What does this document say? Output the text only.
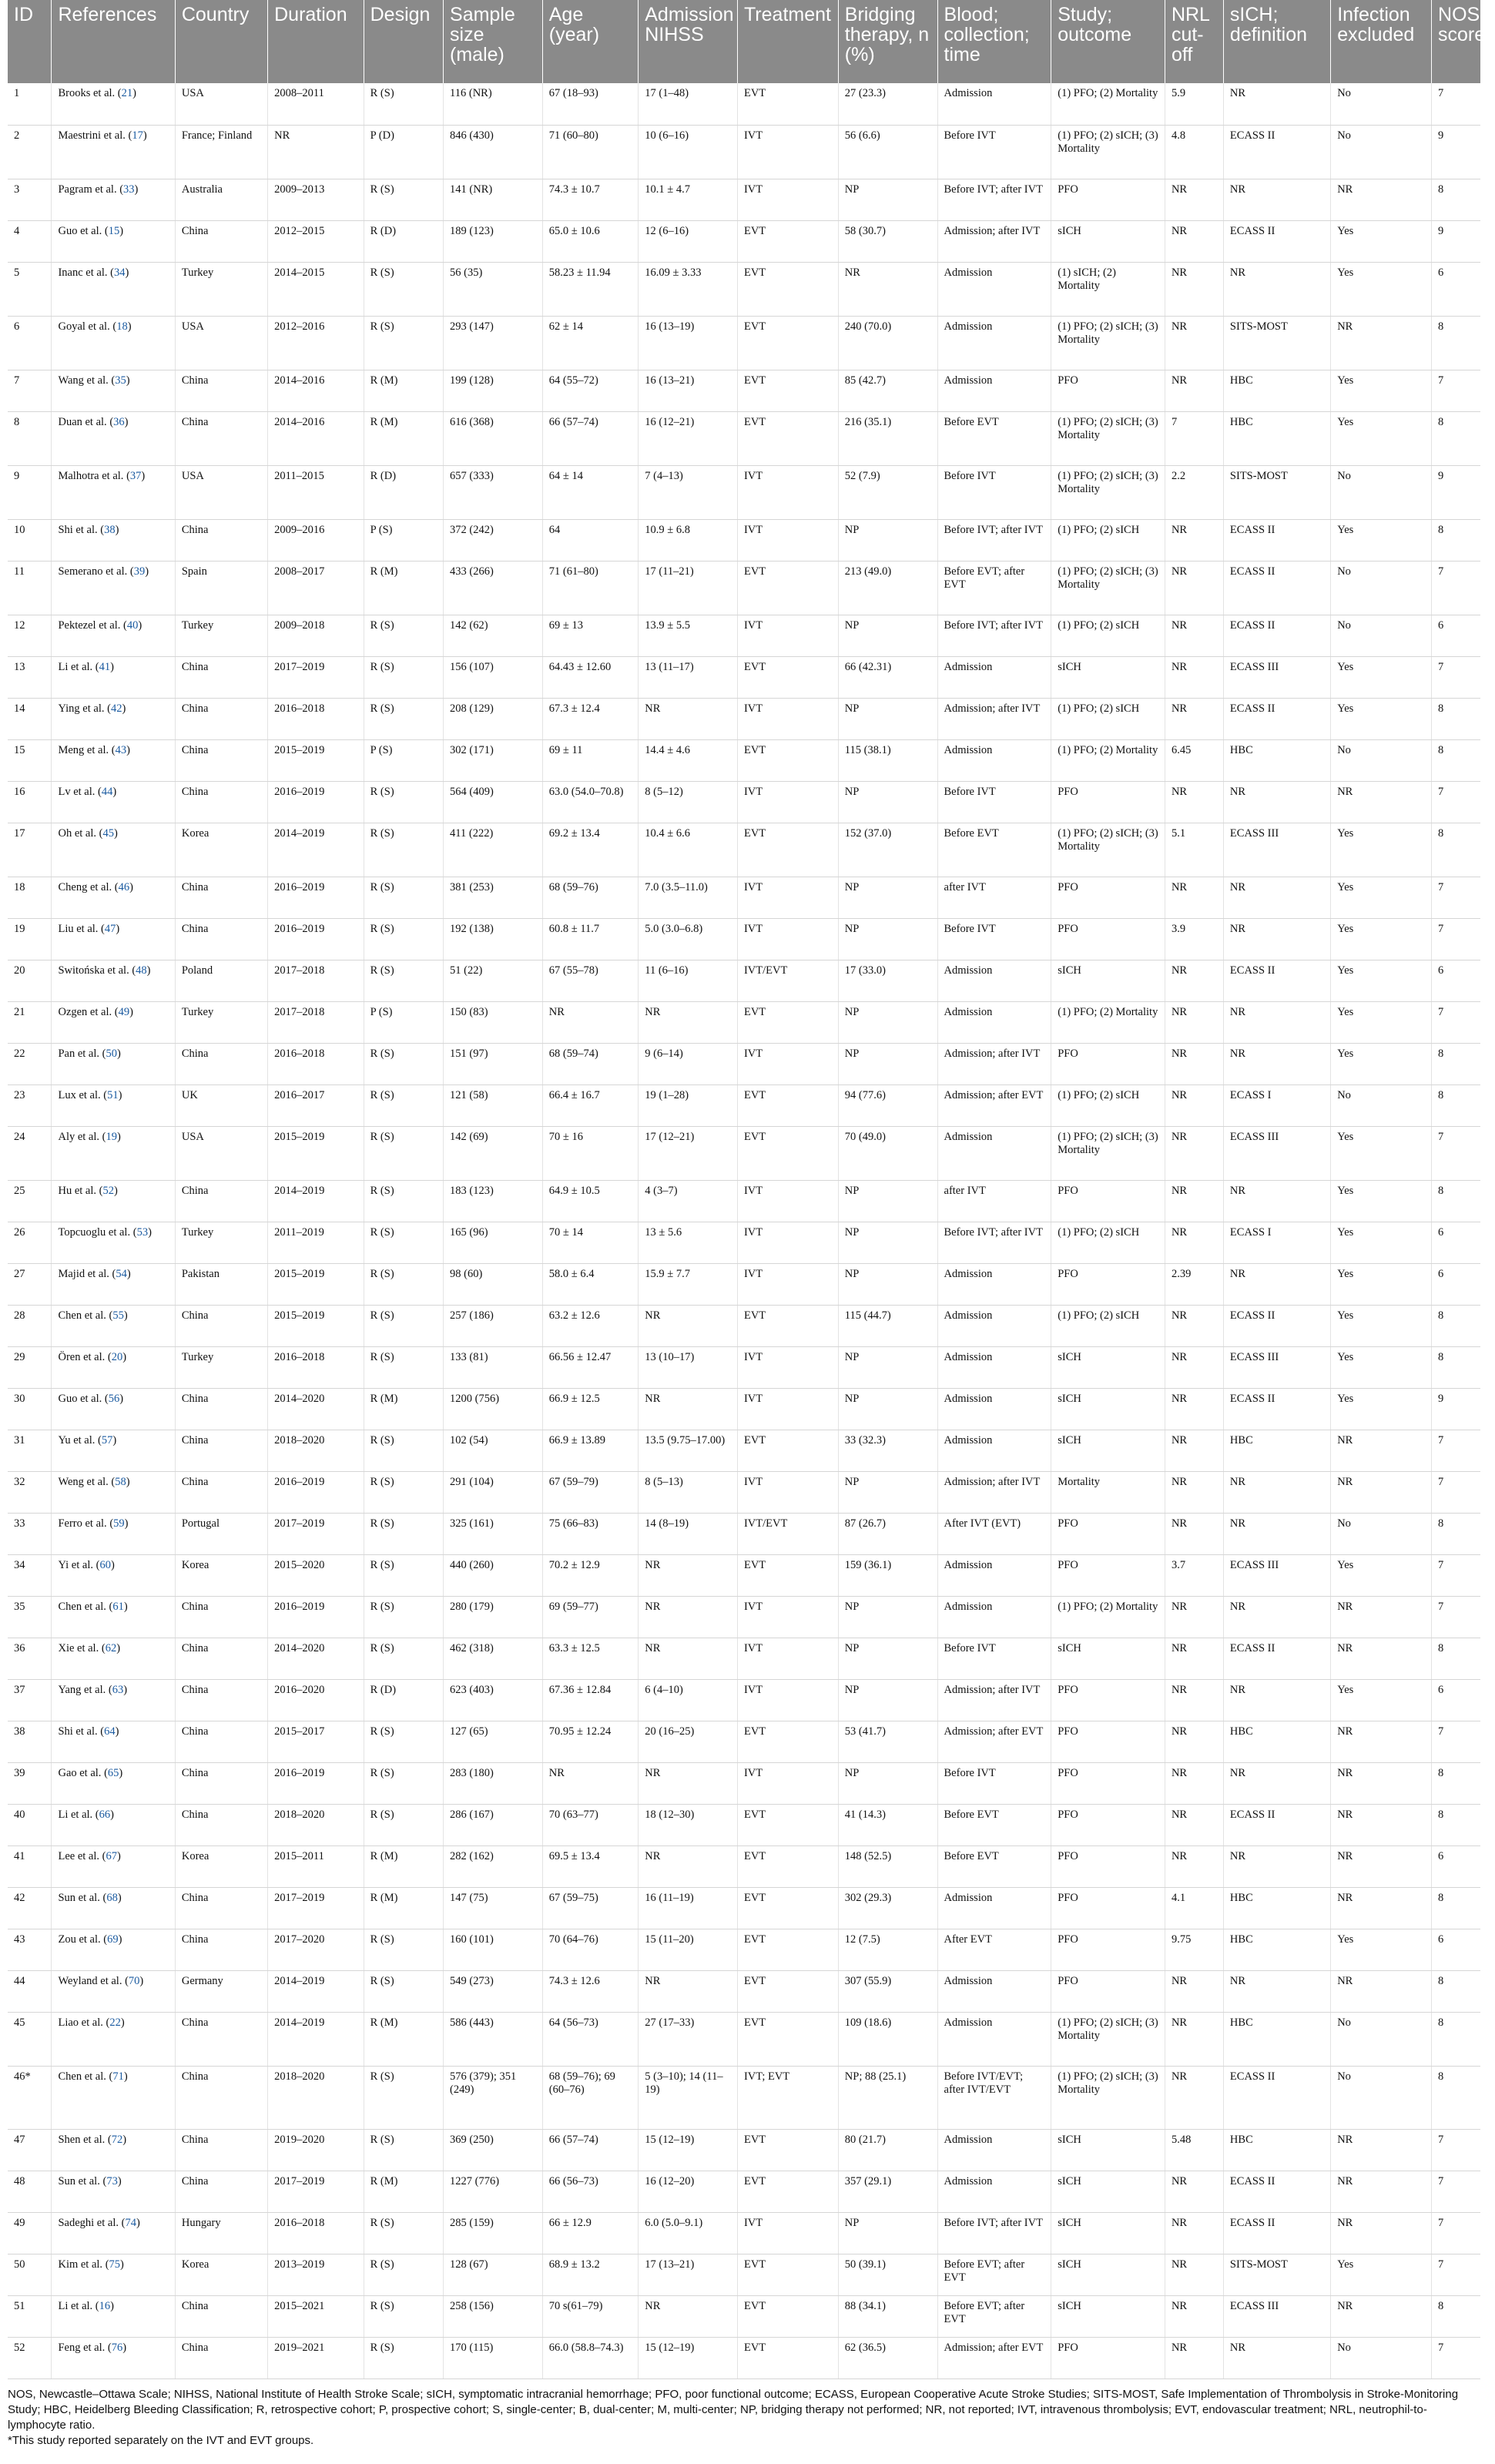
ID	References	Country	Duration	Design	Sample size (male)	Age (year)	Admission NIHSS	Treatment	Bridging therapy, n (%)	Blood; collection; time	Study; outcome	NRL cut-off	sICH; definition	Infection excluded	NOS; scores
1	Brooks et al. (21)	USA	2008–2011	R (S)	116 (NR)	67 (18–93)	17 (1–48)	EVT	27 (23.3)	Admission	(1) PFO; (2) Mortality	5.9	NR	No	7
2	Maestrini et al. (17)	France; Finland	NR	P (D)	846 (430)	71 (60–80)	10 (6–16)	IVT	56 (6.6)	Before IVT	(1) PFO; (2) sICH; (3) Mortality	4.8	ECASS II	No	9
3	Pagram et al. (33)	Australia	2009–2013	R (S)	141 (NR)	74.3 ± 10.7	10.1 ± 4.7	IVT	NP	Before IVT; after IVT	PFO	NR	NR	NR	8
4	Guo et al. (15)	China	2012–2015	R (D)	189 (123)	65.0 ± 10.6	12 (6–16)	EVT	58 (30.7)	Admission; after IVT	sICH	NR	ECASS II	Yes	9
5	Inanc et al. (34)	Turkey	2014–2015	R (S)	56 (35)	58.23 ± 11.94	16.09 ± 3.33	EVT	NR	Admission	(1) sICH; (2) Mortality	NR	NR	Yes	6
6	Goyal et al. (18)	USA	2012–2016	R (S)	293 (147)	62 ± 14	16 (13–19)	EVT	240 (70.0)	Admission	(1) PFO; (2) sICH; (3) Mortality	NR	SITS-MOST	NR	8
7	Wang et al. (35)	China	2014–2016	R (M)	199 (128)	64 (55–72)	16 (13–21)	EVT	85 (42.7)	Admission	PFO	NR	HBC	Yes	7
8	Duan et al. (36)	China	2014–2016	R (M)	616 (368)	66 (57–74)	16 (12–21)	EVT	216 (35.1)	Before EVT	(1) PFO; (2) sICH; (3) Mortality	7	HBC	Yes	8
9	Malhotra et al. (37)	USA	2011–2015	R (D)	657 (333)	64 ± 14	7 (4–13)	IVT	52 (7.9)	Before IVT	(1) PFO; (2) sICH; (3) Mortality	2.2	SITS-MOST	No	9
10	Shi et al. (38)	China	2009–2016	P (S)	372 (242)	64	10.9 ± 6.8	IVT	NP	Before IVT; after IVT	(1) PFO; (2) sICH	NR	ECASS II	Yes	8
11	Semerano et al. (39)	Spain	2008–2017	R (M)	433 (266)	71 (61–80)	17 (11–21)	EVT	213 (49.0)	Before EVT; after EVT	(1) PFO; (2) sICH; (3) Mortality	NR	ECASS II	No	7
12	Pektezel et al. (40)	Turkey	2009–2018	R (S)	142 (62)	69 ± 13	13.9 ± 5.5	IVT	NP	Before IVT; after IVT	(1) PFO; (2) sICH	NR	ECASS II	No	6
13	Li et al. (41)	China	2017–2019	R (S)	156 (107)	64.43 ± 12.60	13 (11–17)	EVT	66 (42.31)	Admission	sICH	NR	ECASS III	Yes	7
14	Ying et al. (42)	China	2016–2018	R (S)	208 (129)	67.3 ± 12.4	NR	IVT	NP	Admission; after IVT	(1) PFO; (2) sICH	NR	ECASS II	Yes	8
15	Meng et al. (43)	China	2015–2019	P (S)	302 (171)	69 ± 11	14.4 ± 4.6	EVT	115 (38.1)	Admission	(1) PFO; (2) Mortality	6.45	HBC	No	8
16	Lv et al. (44)	China	2016–2019	R (S)	564 (409)	63.0 (54.0–70.8)	8 (5–12)	IVT	NP	Before IVT	PFO	NR	NR	NR	7
17	Oh et al. (45)	Korea	2014–2019	R (S)	411 (222)	69.2 ± 13.4	10.4 ± 6.6	EVT	152 (37.0)	Before EVT	(1) PFO; (2) sICH; (3) Mortality	5.1	ECASS III	Yes	8
18	Cheng et al. (46)	China	2016–2019	R (S)	381 (253)	68 (59–76)	7.0 (3.5–11.0)	IVT	NP	after IVT	PFO	NR	NR	Yes	7
19	Liu et al. (47)	China	2016–2019	R (S)	192 (138)	60.8 ± 11.7	5.0 (3.0–6.8)	IVT	NP	Before IVT	PFO	3.9	NR	Yes	7
20	Switońska et al. (48)	Poland	2017–2018	R (S)	51 (22)	67 (55–78)	11 (6–16)	IVT/EVT	17 (33.0)	Admission	sICH	NR	ECASS II	Yes	6
21	Ozgen et al. (49)	Turkey	2017–2018	P (S)	150 (83)	NR	NR	EVT	NP	Admission	(1) PFO; (2) Mortality	NR	NR	Yes	7
22	Pan et al. (50)	China	2016–2018	R (S)	151 (97)	68 (59–74)	9 (6–14)	IVT	NP	Admission; after IVT	PFO	NR	NR	Yes	8
23	Lux et al. (51)	UK	2016–2017	R (S)	121 (58)	66.4 ± 16.7	19 (1–28)	EVT	94 (77.6)	Admission; after EVT	(1) PFO; (2) sICH	NR	ECASS I	No	8
24	Aly et al. (19)	USA	2015–2019	R (S)	142 (69)	70 ± 16	17 (12–21)	EVT	70 (49.0)	Admission	(1) PFO; (2) sICH; (3) Mortality	NR	ECASS III	Yes	7
25	Hu et al. (52)	China	2014–2019	R (S)	183 (123)	64.9 ± 10.5	4 (3–7)	IVT	NP	after IVT	PFO	NR	NR	Yes	8
26	Topcuoglu et al. (53)	Turkey	2011–2019	R (S)	165 (96)	70 ± 14	13 ± 5.6	IVT	NP	Before IVT; after IVT	(1) PFO; (2) sICH	NR	ECASS I	Yes	6
27	Majid et al. (54)	Pakistan	2015–2019	R (S)	98 (60)	58.0 ± 6.4	15.9 ± 7.7	IVT	NP	Admission	PFO	2.39	NR	Yes	6
28	Chen et al. (55)	China	2015–2019	R (S)	257 (186)	63.2 ± 12.6	NR	EVT	115 (44.7)	Admission	(1) PFO; (2) sICH	NR	ECASS II	Yes	8
29	Ören et al. (20)	Turkey	2016–2018	R (S)	133 (81)	66.56 ± 12.47	13 (10–17)	IVT	NP	Admission	sICH	NR	ECASS III	Yes	8
30	Guo et al. (56)	China	2014–2020	R (M)	1200 (756)	66.9 ± 12.5	NR	IVT	NP	Admission	sICH	NR	ECASS II	Yes	9
31	Yu et al. (57)	China	2018–2020	R (S)	102 (54)	66.9 ± 13.89	13.5 (9.75–17.00)	EVT	33 (32.3)	Admission	sICH	NR	HBC	NR	7
32	Weng et al. (58)	China	2016–2019	R (S)	291 (104)	67 (59–79)	8 (5–13)	IVT	NP	Admission; after IVT	Mortality	NR	NR	NR	7
33	Ferro et al. (59)	Portugal	2017–2019	R (S)	325 (161)	75 (66–83)	14 (8–19)	IVT/EVT	87 (26.7)	After IVT (EVT)	PFO	NR	NR	No	8
34	Yi et al. (60)	Korea	2015–2020	R (S)	440 (260)	70.2 ± 12.9	NR	EVT	159 (36.1)	Admission	PFO	3.7	ECASS III	Yes	7
35	Chen et al. (61)	China	2016–2019	R (S)	280 (179)	69 (59–77)	NR	IVT	NP	Admission	(1) PFO; (2) Mortality	NR	NR	NR	7
36	Xie et al. (62)	China	2014–2020	R (S)	462 (318)	63.3 ± 12.5	NR	IVT	NP	Before IVT	sICH	NR	ECASS II	NR	8
37	Yang et al. (63)	China	2016–2020	R (D)	623 (403)	67.36 ± 12.84	6 (4–10)	IVT	NP	Admission; after IVT	PFO	NR	NR	Yes	6
38	Shi et al. (64)	China	2015–2017	R (S)	127 (65)	70.95 ± 12.24	20 (16–25)	EVT	53 (41.7)	Admission; after EVT	PFO	NR	HBC	NR	7
39	Gao et al. (65)	China	2016–2019	R (S)	283 (180)	NR	NR	IVT	NP	Before IVT	PFO	NR	NR	NR	8
40	Li et al. (66)	China	2018–2020	R (S)	286 (167)	70 (63–77)	18 (12–30)	EVT	41 (14.3)	Before EVT	PFO	NR	ECASS II	NR	8
41	Lee et al. (67)	Korea	2015–2011	R (M)	282 (162)	69.5 ± 13.4	NR	EVT	148 (52.5)	Before EVT	PFO	NR	NR	NR	6
42	Sun et al. (68)	China	2017–2019	R (M)	147 (75)	67 (59–75)	16 (11–19)	EVT	302 (29.3)	Admission	PFO	4.1	HBC	NR	8
43	Zou et al. (69)	China	2017–2020	R (S)	160 (101)	70 (64–76)	15 (11–20)	EVT	12 (7.5)	After EVT	PFO	9.75	HBC	Yes	6
44	Weyland et al. (70)	Germany	2014–2019	R (S)	549 (273)	74.3 ± 12.6	NR	EVT	307 (55.9)	Admission	PFO	NR	NR	NR	8
45	Liao et al. (22)	China	2014–2019	R (M)	586 (443)	64 (56–73)	27 (17–33)	EVT	109 (18.6)	Admission	(1) PFO; (2) sICH; (3) Mortality	NR	HBC	No	8
46*	Chen et al. (71)	China	2018–2020	R (S)	576 (379); 351 (249)	68 (59–76); 69 (60–76)	5 (3–10); 14 (11–19)	IVT; EVT	NP; 88 (25.1)	Before IVT/EVT; after IVT/EVT	(1) PFO; (2) sICH; (3) Mortality	NR	ECASS II	No	8
47	Shen et al. (72)	China	2019–2020	R (S)	369 (250)	66 (57–74)	15 (12–19)	EVT	80 (21.7)	Admission	sICH	5.48	HBC	NR	7
48	Sun et al. (73)	China	2017–2019	R (M)	1227 (776)	66 (56–73)	16 (12–20)	EVT	357 (29.1)	Admission	sICH	NR	ECASS II	NR	7
49	Sadeghi et al. (74)	Hungary	2016–2018	R (S)	285 (159)	66 ± 12.9	6.0 (5.0–9.1)	IVT	NP	Before IVT; after IVT	sICH	NR	ECASS II	NR	7
50	Kim et al. (75)	Korea	2013–2019	R (S)	128 (67)	68.9 ± 13.2	17 (13–21)	EVT	50 (39.1)	Before EVT; after EVT	sICH	NR	SITS-MOST	Yes	7
51	Li et al. (16)	China	2015–2021	R (S)	258 (156)	70 s(61–79)	NR	EVT	88 (34.1)	Before EVT; after EVT	sICH	NR	ECASS III	NR	8
52	Feng et al. (76)	China	2019–2021	R (S)	170 (115)	66.0 (58.8–74.3)	15 (12–19)	EVT	62 (36.5)	Admission; after EVT	PFO	NR	NR	No	7
NOS, Newcastle–Ottawa Scale; NIHSS, National Institute of Health Stroke Scale; sICH, symptomatic intracranial hemorrhage; PFO, poor functional outcome; ECASS, European Cooperative Acute Stroke Studies; SITS-MOST, Safe Implementation of Thrombolysis in Stroke-Monitoring Study; HBC, Heidelberg Bleeding Classification; R, retrospective cohort; P, prospective cohort; S, single-center; B, dual-center; M, multi-center; NP, bridging therapy not performed; NR, not reported; IVT, intravenous thrombolysis; EVT, endovascular treatment; NRL, neutrophil-to-lymphocyte ratio.
*This study reported separately on the IVT and EVT groups.
